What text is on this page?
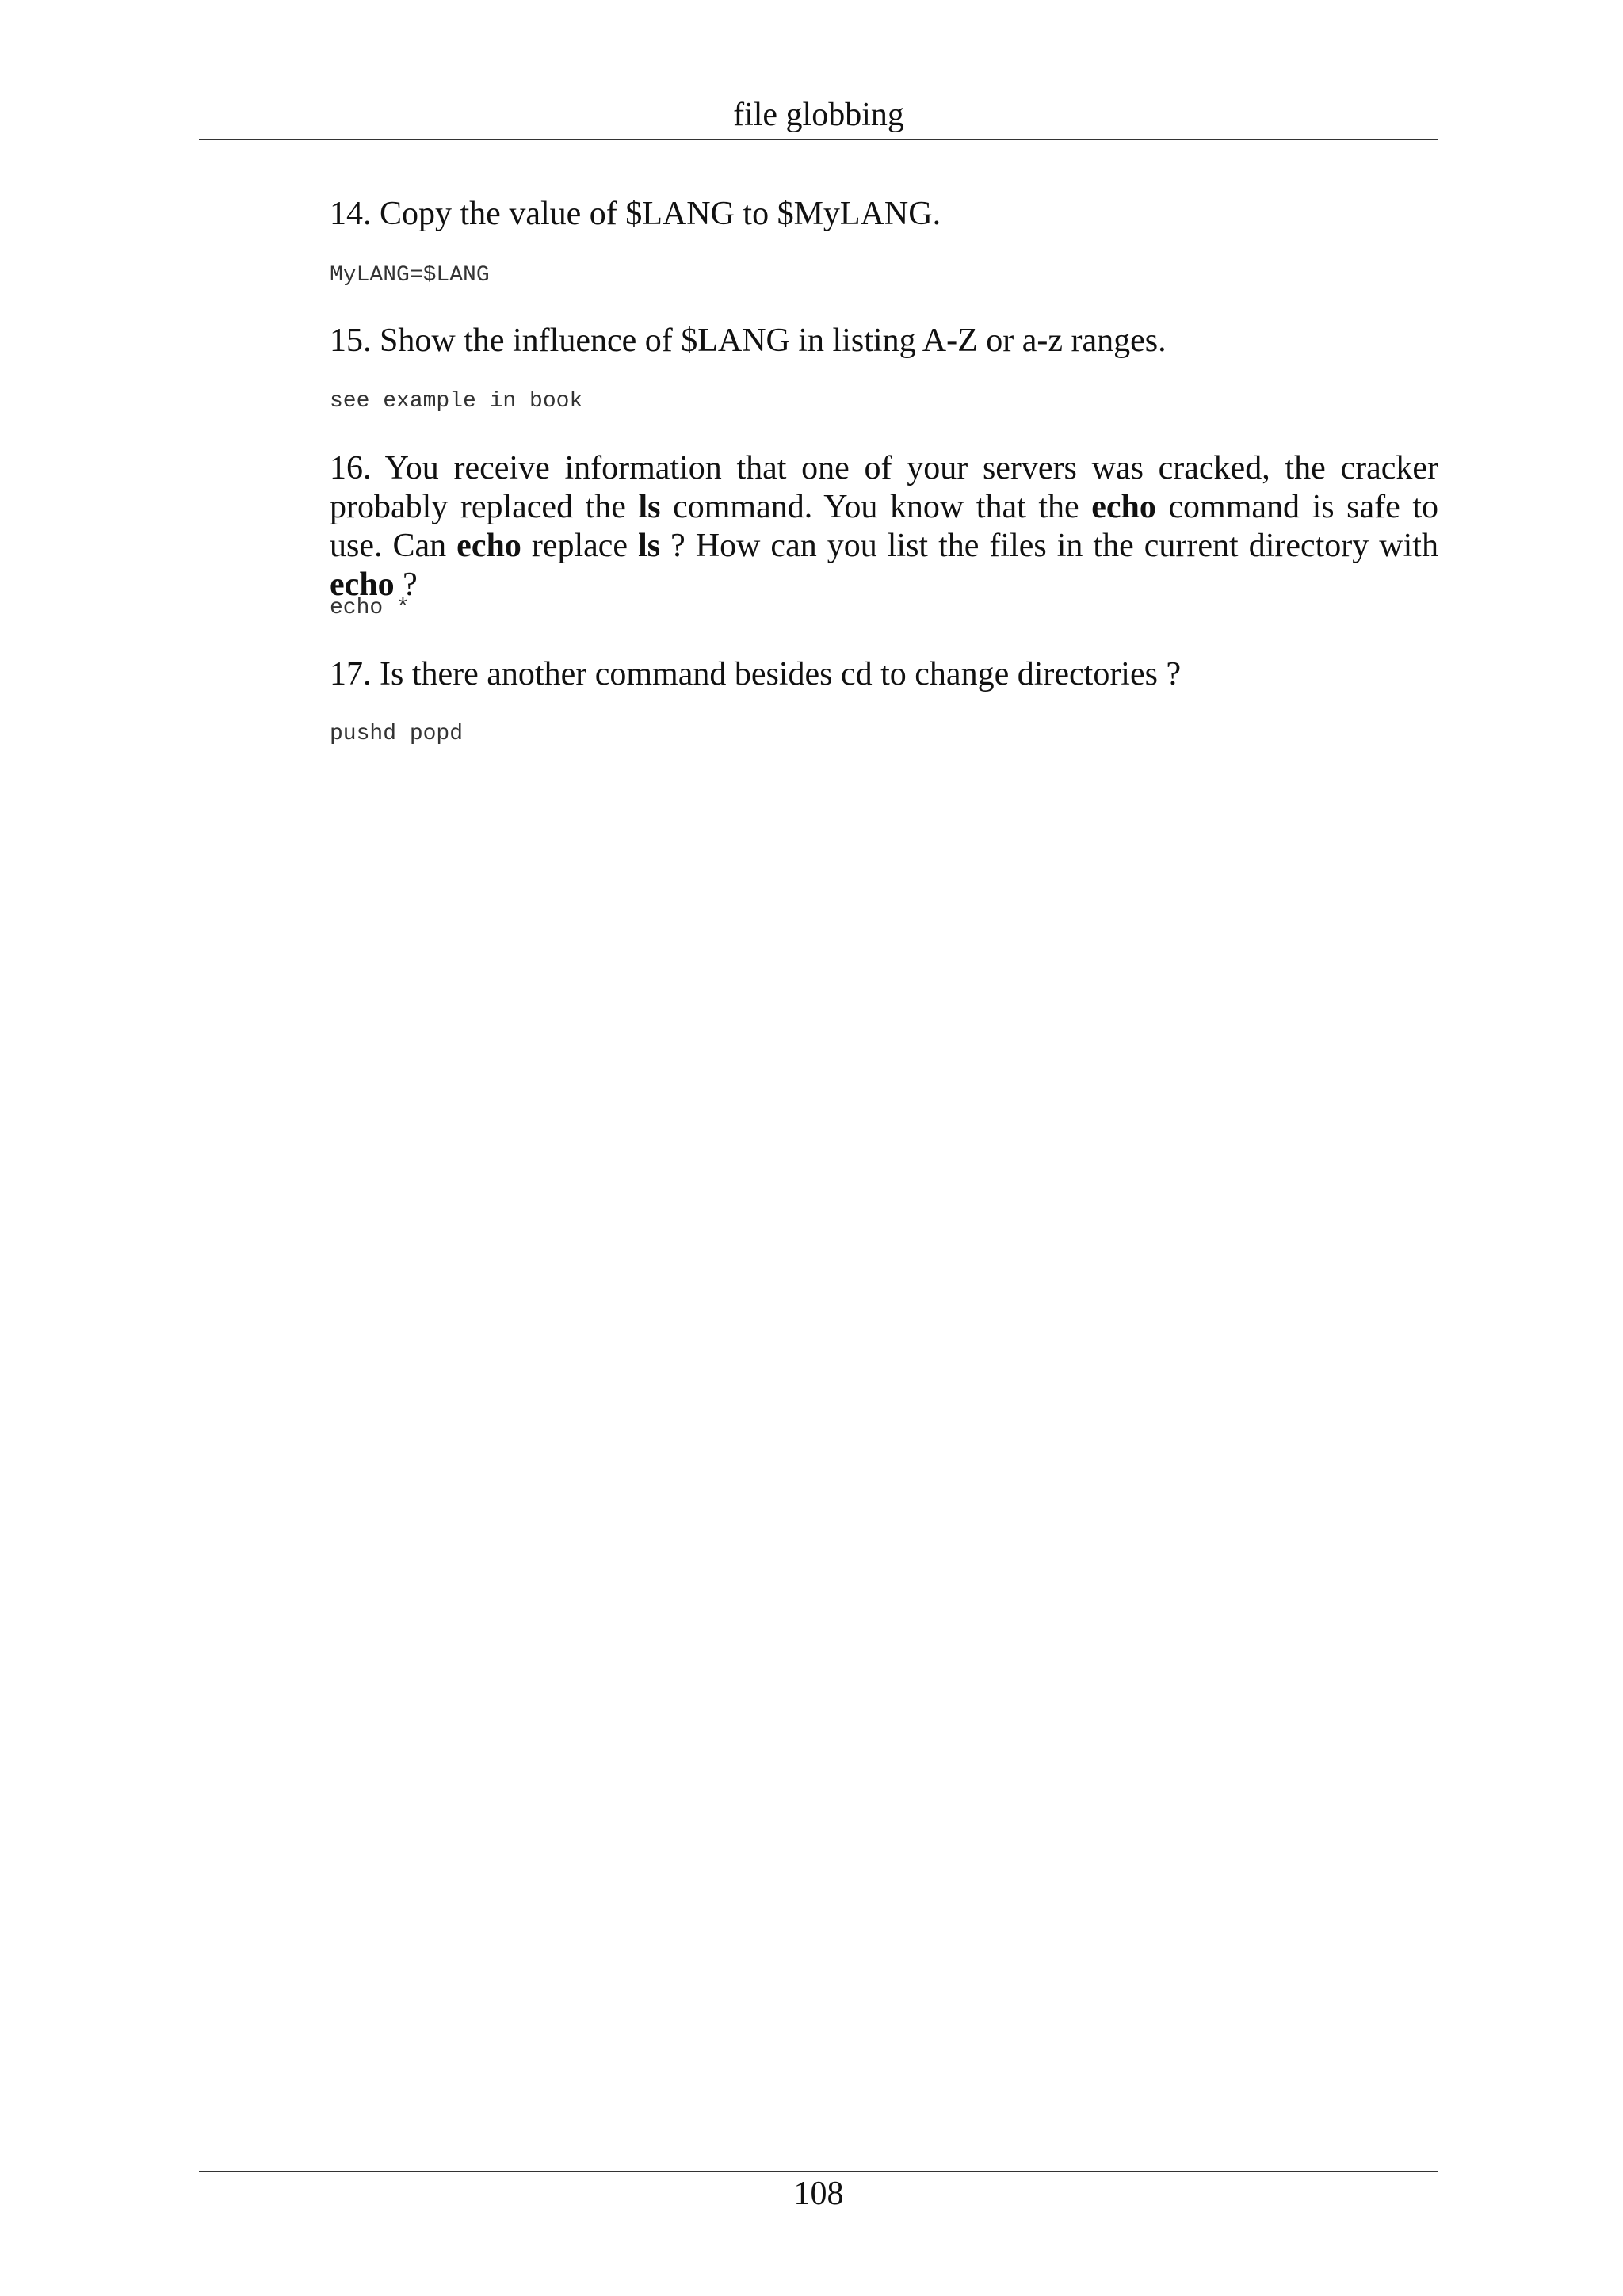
file globbing

14. Copy the value of $LANG to $MyLANG.

MyLANG=$LANG

15. Show the influence of $LANG in listing A-Z or a-z ranges.

see example in book

16. You receive information that one of your servers was cracked, the cracker probably replaced the ls command. You know that the echo command is safe to use. Can echo replace ls ? How can you list the files in the current directory with echo ?

echo *

17. Is there another command besides cd to change directories ?

pushd popd

108
